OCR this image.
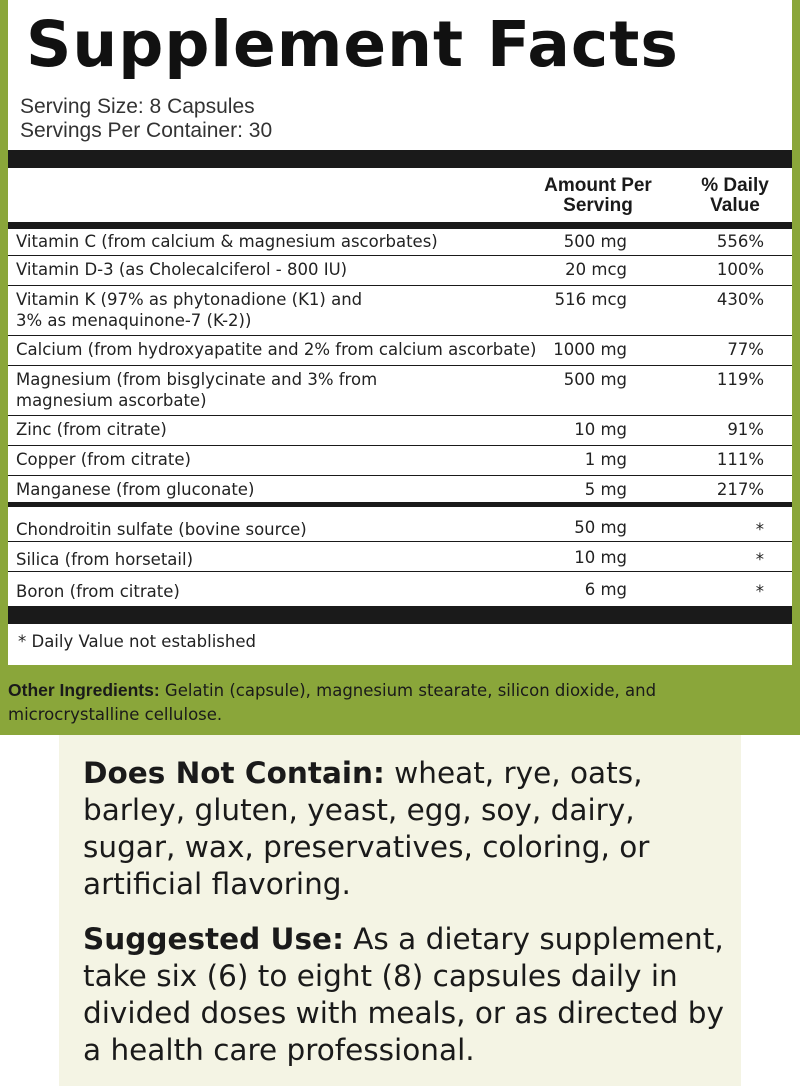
Supplement Facts
Serving Size: 8 Capsules
Servings Per Container: 30
Amount Per
Serving
% Daily
Value
Vitamin C (from calcium & magnesium ascorbates)	500 mg	556%
Vitamin D-3 (as Cholecalciferol - 800 IU)	20 mcg	100%
Vitamin K (97% as phytonadione (K1) and
3% as menaquinone-7 (K-2))
516 mcg	430%
Calcium (from hydroxyapatite and 2% from calcium ascorbate)	1000 mg	77%
Magnesium (from bisglycinate and 3% from
magnesium ascorbate)
500 mg	119%
Zinc (from citrate)	10 mg	91%
Copper (from citrate)	1 mg	111%
Manganese (from gluconate)	5 mg	217%
Chondroitin sulfate (bovine source)	50 mg	*
Silica (from horsetail)	10 mg	*
Boron (from citrate)	6 mg	*
* Daily Value not established
Other Ingredients: Gelatin (capsule), magnesium stearate, silicon dioxide, and microcrystalline cellulose.
Does Not Contain: wheat, rye, oats, barley, gluten, yeast, egg, soy, dairy, sugar, wax, preservatives, coloring, or artificial flavoring.
Suggested Use: As a dietary supplement, take six (6) to eight (8) capsules daily in divided doses with meals, or as directed by a health care professional.
